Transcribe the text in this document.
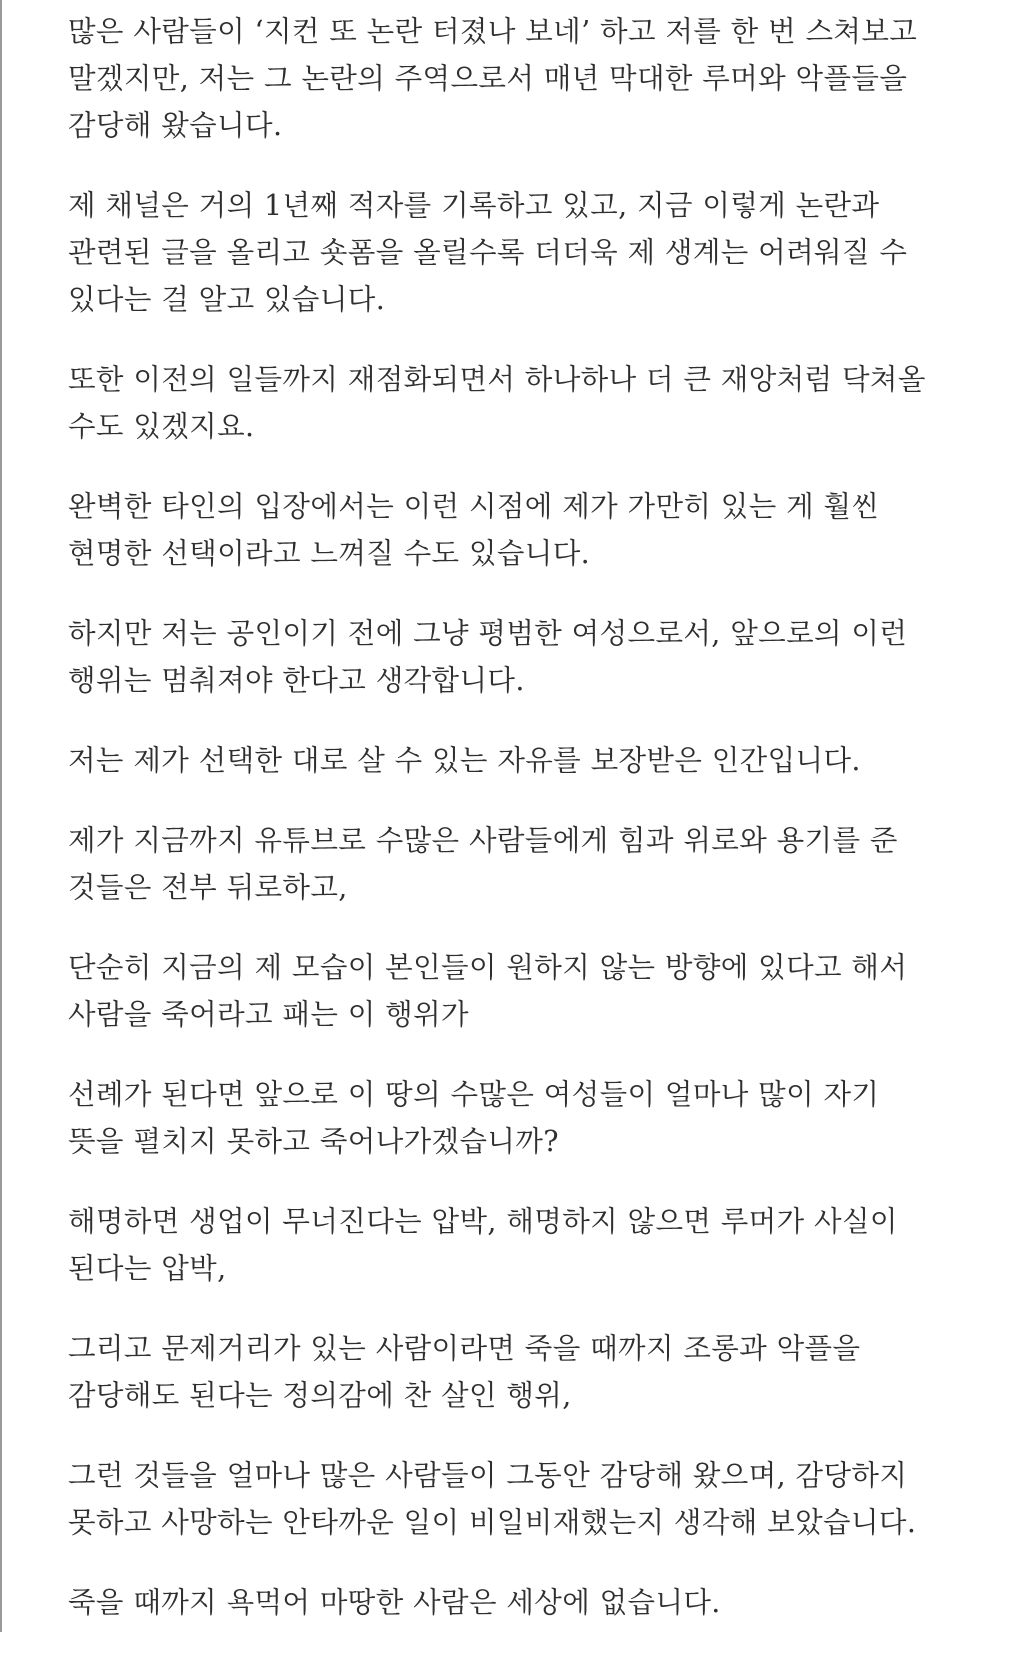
많은 사람들이 ‘지컨 또 논란 터졌나 보네’ 하고 저를 한 번 스쳐보고
말겠지만, 저는 그 논란의 주역으로서 매년 막대한 루머와 악플들을
감당해 왔습니다.

제 채널은 거의 1년째 적자를 기록하고 있고, 지금 이렇게 논란과
관련된 글을 올리고 숏폼을 올릴수록 더더욱 제 생계는 어려워질 수
있다는 걸 알고 있습니다.

또한 이전의 일들까지 재점화되면서 하나하나 더 큰 재앙처럼 닥쳐올
수도 있겠지요.

완벽한 타인의 입장에서는 이런 시점에 제가 가만히 있는 게 훨씬
현명한 선택이라고 느껴질 수도 있습니다.

하지만 저는 공인이기 전에 그냥 평범한 여성으로서, 앞으로의 이런
행위는 멈춰져야 한다고 생각합니다.

저는 제가 선택한 대로 살 수 있는 자유를 보장받은 인간입니다.

제가 지금까지 유튜브로 수많은 사람들에게 힘과 위로와 용기를 준
것들은 전부 뒤로하고,

단순히 지금의 제 모습이 본인들이 원하지 않는 방향에 있다고 해서
사람을 죽어라고 패는 이 행위가

선례가 된다면 앞으로 이 땅의 수많은 여성들이 얼마나 많이 자기
뜻을 펼치지 못하고 죽어나가겠습니까?

해명하면 생업이 무너진다는 압박, 해명하지 않으면 루머가 사실이
된다는 압박,

그리고 문제거리가 있는 사람이라면 죽을 때까지 조롱과 악플을
감당해도 된다는 정의감에 찬 살인 행위,

그런 것들을 얼마나 많은 사람들이 그동안 감당해 왔으며, 감당하지
못하고 사망하는 안타까운 일이 비일비재했는지 생각해 보았습니다.

죽을 때까지 욕먹어 마땅한 사람은 세상에 없습니다.
